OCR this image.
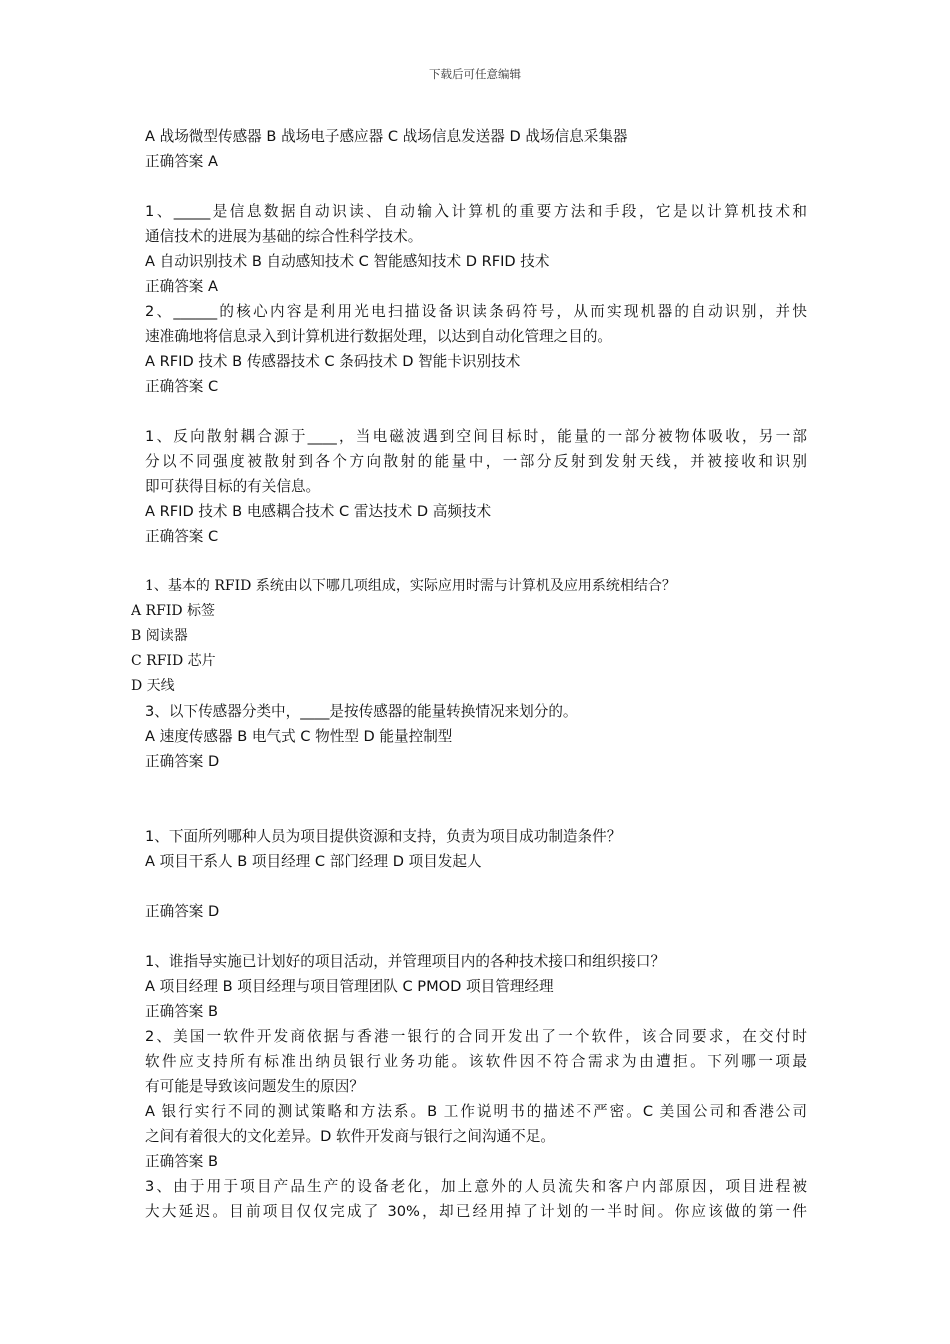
下载后可任意编辑
A 战场微型传感器 B 战场电子感应器 C 战场信息发送器 D 战场信息采集器
正确答案 A
1、_____是信息数据自动识读、自动输入计算机的重要方法和手段，它是以计算机技术和
通信技术的进展为基础的综合性科学技术。
A 自动识别技术 B 自动感知技术 C 智能感知技术 D RFID 技术
正确答案 A
2、______的核心内容是利用光电扫描设备识读条码符号，从而实现机器的自动识别，并快
速准确地将信息录入到计算机进行数据处理，以达到自动化管理之目的。
A RFID 技术 B 传感器技术 C 条码技术 D 智能卡识别技术
正确答案 C
1、反向散射耦合源于____，当电磁波遇到空间目标时，能量的一部分被物体吸收，另一部
分以不同强度被散射到各个方向散射的能量中，一部分反射到发射天线，并被接收和识别
即可获得目标的有关信息。
A RFID 技术 B 电感耦合技术 C 雷达技术 D 高频技术
正确答案 C
1、基本的 RFID 系统由以下哪几项组成，实际应用时需与计算机及应用系统相结合？
A RFID 标签
B 阅读器
C RFID 芯片
D 天线
3、以下传感器分类中，____是按传感器的能量转换情况来划分的。
A 速度传感器 B 电气式 C 物性型 D 能量控制型
正确答案 D
1、下面所列哪种人员为项目提供资源和支持，负责为项目成功制造条件？
A 项目干系人 B 项目经理 C 部门经理 D 项目发起人
正确答案 D
1、谁指导实施已计划好的项目活动，并管理项目内的各种技术接口和组织接口？
A 项目经理 B 项目经理与项目管理团队 C PMOD 项目管理经理
正确答案 B
2、美国一软件开发商依据与香港一银行的合同开发出了一个软件，该合同要求，在交付时
软件应支持所有标准出纳员银行业务功能。该软件因不符合需求为由遭拒。下列哪一项最
有可能是导致该问题发生的原因？
A 银行实行不同的测试策略和方法系。B 工作说明书的描述不严密。C 美国公司和香港公司
之间有着很大的文化差异。D 软件开发商与银行之间沟通不足。
正确答案 B
3、由于用于项目产品生产的设备老化，加上意外的人员流失和客户内部原因，项目进程被
大大延迟。目前项目仅仅完成了 30%，却已经用掉了计划的一半时间。你应该做的第一件
